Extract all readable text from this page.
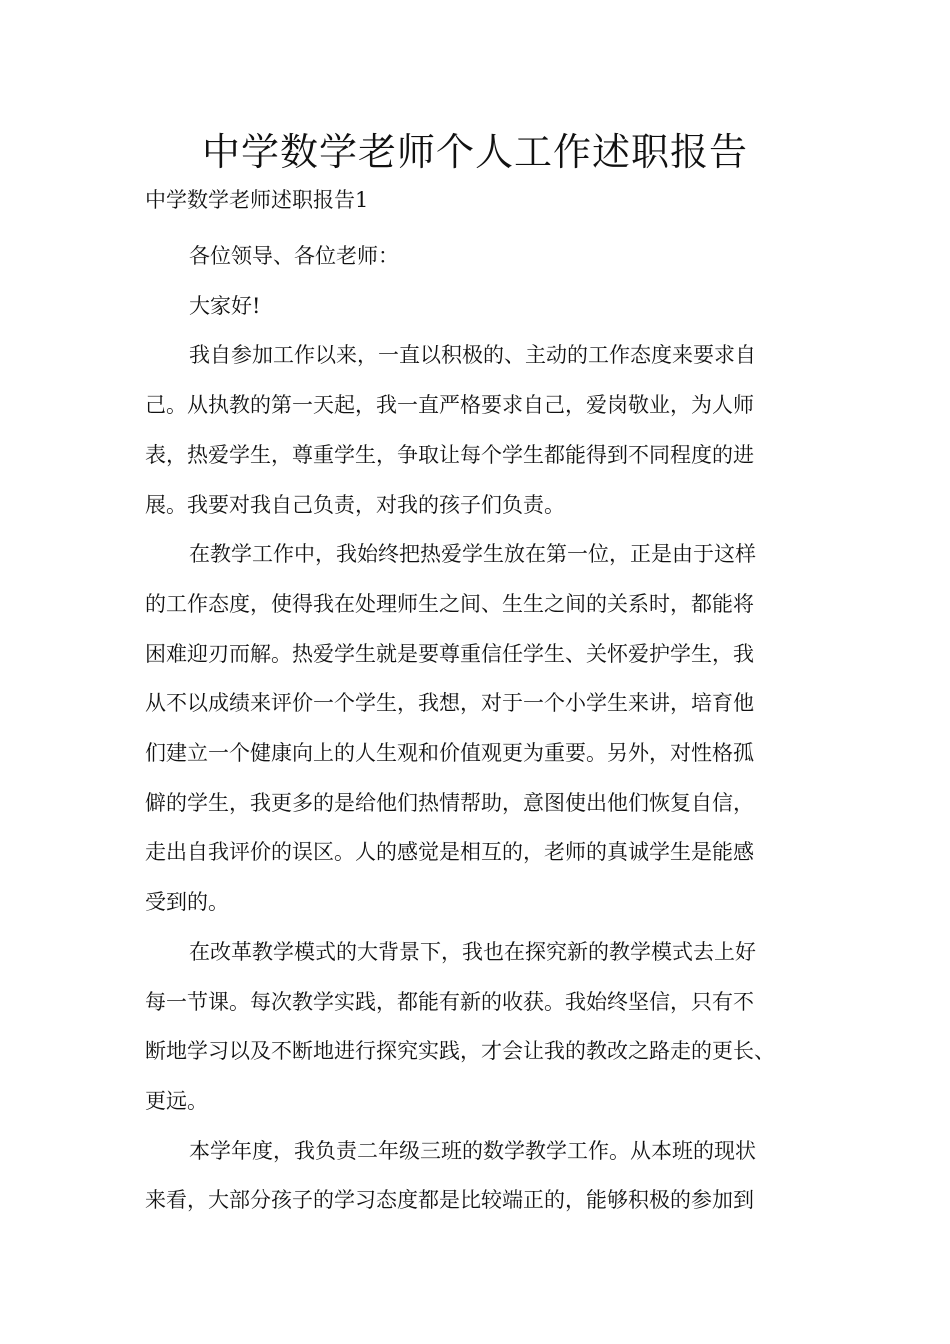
中学数学老师个人工作述职报告
中学数学老师述职报告1
各位领导、各位老师：
大家好!
我自参加工作以来，一直以积极的、主动的工作态度来要求自
己。从执教的第一天起，我一直严格要求自己，爱岗敬业，为人师
表，热爱学生，尊重学生，争取让每个学生都能得到不同程度的进
展。我要对我自己负责，对我的孩子们负责。
在教学工作中，我始终把热爱学生放在第一位，正是由于这样
的工作态度，使得我在处理师生之间、生生之间的关系时，都能将
困难迎刃而解。热爱学生就是要尊重信任学生、关怀爱护学生，我
从不以成绩来评价一个学生，我想，对于一个小学生来讲，培育他
们建立一个健康向上的人生观和价值观更为重要。另外，对性格孤
僻的学生，我更多的是给他们热情帮助，意图使出他们恢复自信，
走出自我评价的误区。人的感觉是相互的，老师的真诚学生是能感
受到的。
在改革教学模式的大背景下，我也在探究新的教学模式去上好
每一节课。每次教学实践，都能有新的收获。我始终坚信，只有不
断地学习以及不断地进行探究实践，才会让我的教改之路走的更长、
更远。
本学年度，我负责二年级三班的数学教学工作。从本班的现状
来看，大部分孩子的学习态度都是比较端正的，能够积极的参加到
